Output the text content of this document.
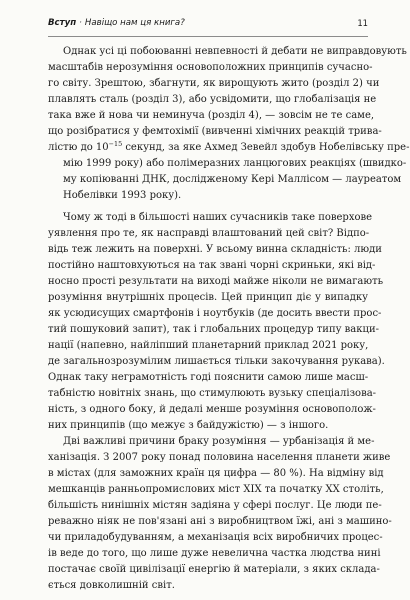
Вступ · Навіщо нам ця книга?	11
Однак усі ці побоюванні невпевності й дебати не виправдовують
масштабів нерозуміння основоположних принципів сучасно-
го світу. Зрештою, збагнути, як вирощують жито (розділ 2) чи
плавлять сталь (розділ 3), або усвідомити, що глобалізація не
така вже й нова чи неминуча (розділ 4), — зовсім не те саме,
що розібратися у фемтохімії (вивченні хімічних реакцій трива-
лістю до $10^{-15}$ секунд, за яке Ахмед Зевейл здобув Нобелівську пре-
мію 1999 року) або полімеразних ланцюгових реакціях (швидко-
му копіюванні ДНК, дослідженому Кері Маллісом — лауреатом
Нобелівки 1993 року).
Чому ж тоді в більшості наших сучасників таке поверхове
уявлення про те, як насправді влаштований цей світ? Відпо-
відь теж лежить на поверхні. У всьому винна складність: люди
постійно наштовхуються на так звані чорні скриньки, які від-
носно прості результати на виході майже ніколи не вимагають
розуміння внутрішніх процесів. Цей принцип діє у випадку
як усюдисущих смартфонів і ноутбуків (де досить ввести прос-
тий пошуковий запит), так і глобальних процедур типу вакци-
нації (напевно, найліпший планетарний приклад 2021 року,
де загальнозрозумілим лишається тільки закочування рукава).
Однак таку неграмотність годі пояснити самою лише масш-
табністю новітніх знань, що стимулюють вузьку спеціалізова-
ність, з одного боку, й дедалі менше розуміння основополож-
них принципів (що межує з байдужістю) — з іншого.
Дві важливі причини браку розуміння — урбанізація й ме-
ханізація. З 2007 року понад половина населення планети живе
в містах (для заможних країн ця цифра — 80 %). На відміну від
мешканців ранньопромислових міст XIX та початку XX століть,
більшість нинішніх містян задіяна у сфері послуг. Це люди пе-
реважно ніяк не пов'язані ані з виробництвом їжі, ані з машино-
чи приладобудуванням, а механізація всіх виробничих процес-
ів веде до того, що лише дуже невелична частка людства нині
постачає своїй цивілізації енергію й матеріали, з яких склада-
ється довколишній світ.
